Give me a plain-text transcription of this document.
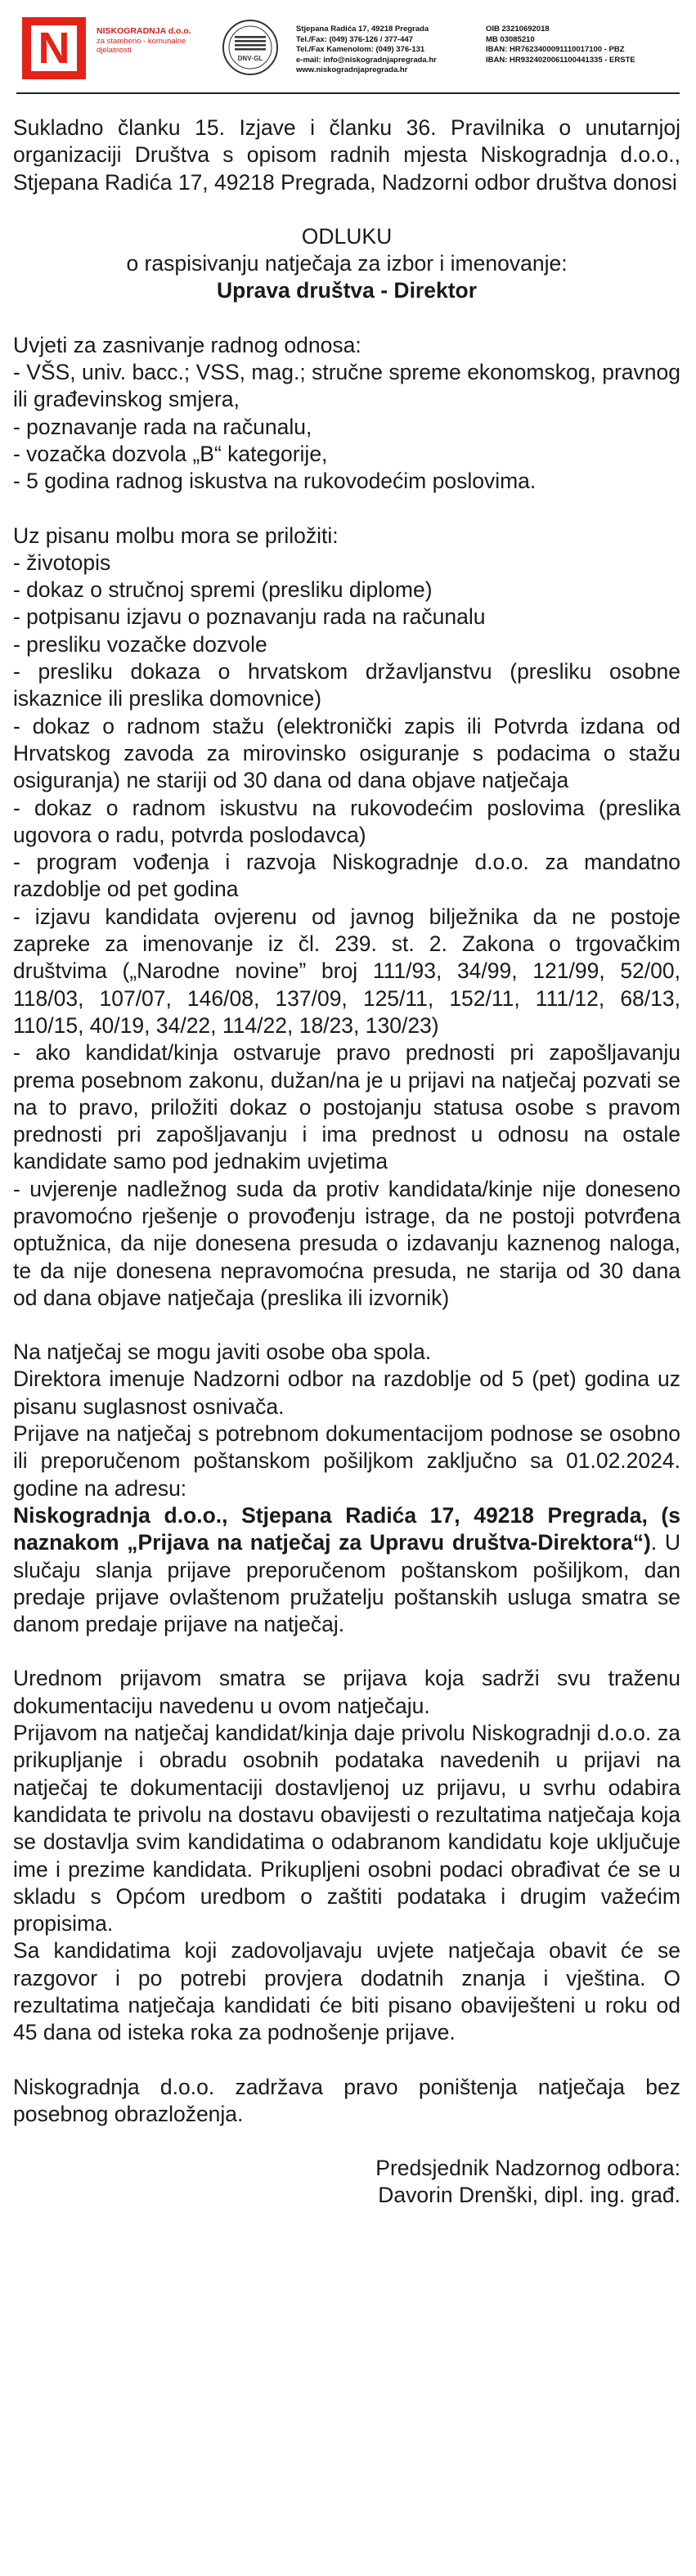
N	NISKOGRADNJA d.o.o.
za stambeno - komunalne
djelatnosti
DNV·GL
Stjepana Radića 17, 49218 Pregrada
Tel./Fax: (049) 376-126 / 377-447
Tel./Fax Kamenolom: (049) 376-131
e-mail: info@niskogradnjapregrada.hr
www.niskogradnjapregrada.hr
OIB 23210692018
MB 03085210
IBAN: HR7623400091110017100 - PBZ
IBAN: HR9324020061100441335 - ERSTE

Sukladno članku 15. Izjave i članku 36. Pravilnika o unutarnjoj organizaciji Društva s opisom radnih mjesta Niskogradnja d.o.o., Stjepana Radića 17, 49218 Pregrada, Nadzorni odbor društva donosi

ODLUKU

o raspisivanju natječaja za izbor i imenovanje:

Uprava društva - Direktor

Uvjeti za zasnivanje radnog odnosa:

- VŠS, univ. bacc.; VSS, mag.; stručne spreme ekonomskog, pravnog ili građevinskog smjera,

- poznavanje rada na računalu,

- vozačka dozvola „B“ kategorije,

- 5 godina radnog iskustva na rukovodećim poslovima.

Uz pisanu molbu mora se priložiti:

- životopis

- dokaz o stručnoj spremi (presliku diplome)

- potpisanu izjavu o poznavanju rada na računalu

- presliku vozačke dozvole

- presliku dokaza o hrvatskom državljanstvu (presliku osobne iskaznice ili preslika domovnice)

- dokaz o radnom stažu (elektronički zapis ili Potvrda izdana od Hrvatskog zavoda za mirovinsko osiguranje s podacima o stažu osiguranja) ne stariji od 30 dana od dana objave natječaja

- dokaz o radnom iskustvu na rukovodećim poslovima (preslika ugovora o radu, potvrda poslodavca)

- program vođenja i razvoja Niskogradnje d.o.o. za mandatno razdoblje od pet godina

- izjavu kandidata ovjerenu od javnog bilježnika da ne postoje zapreke za imenovanje iz čl. 239. st. 2. Zakona o trgovačkim društvima („Narodne novine” broj 111/93, 34/99, 121/99, 52/00, 118/03, 107/07, 146/08, 137/09, 125/11, 152/11, 111/12, 68/13, 110/15, 40/19, 34/22, 114/22, 18/23, 130/23)

- ako kandidat/kinja ostvaruje pravo prednosti pri zapošljavanju prema posebnom zakonu, dužan/na je u prijavi na natječaj pozvati se na to pravo, priložiti dokaz o postojanju statusa osobe s pravom prednosti pri zapošljavanju i ima prednost u odnosu na ostale kandidate samo pod jednakim uvjetima

- uvjerenje nadležnog suda da protiv kandidata/kinje nije doneseno pravomoćno rješenje o provođenju istrage, da ne postoji potvrđena optužnica, da nije donesena presuda o izdavanju kaznenog naloga, te da nije donesena nepravomoćna presuda, ne starija od 30 dana od dana objave natječaja (preslika ili izvornik)

Na natječaj se mogu javiti osobe oba spola.

Direktora imenuje Nadzorni odbor na razdoblje od 5 (pet) godina uz pisanu suglasnost osnivača.

Prijave na natječaj s potrebnom dokumentacijom podnose se osobno ili preporučenom poštanskom pošiljkom zaključno sa 01.02.2024. godine na adresu:

Niskogradnja d.o.o., Stjepana Radića 17, 49218 Pregrada, (s naznakom „Prijava na natječaj za Upravu društva-Direktora“). U slučaju slanja prijave preporučenom poštanskom pošiljkom, dan predaje prijave ovlaštenom pružatelju poštanskih usluga smatra se danom predaje prijave na natječaj.

Urednom prijavom smatra se prijava koja sadrži svu traženu dokumentaciju navedenu u ovom natječaju.

Prijavom na natječaj kandidat/kinja daje privolu Niskogradnji d.o.o. za prikupljanje i obradu osobnih podataka navedenih u prijavi na natječaj te dokumentaciji dostavljenoj uz prijavu, u svrhu odabira kandidata te privolu na dostavu obavijesti o rezultatima natječaja koja se dostavlja svim kandidatima o odabranom kandidatu koje uključuje ime i prezime kandidata. Prikupljeni osobni podaci obrađivat će se u skladu s Općom uredbom o zaštiti podataka i drugim važećim propisima.

Sa kandidatima koji zadovoljavaju uvjete natječaja obavit će se razgovor i po potrebi provjera dodatnih znanja i vještina. O rezultatima natječaja kandidati će biti pisano obaviješteni u roku od 45 dana od isteka roka za podnošenje prijave.

Niskogradnja d.o.o. zadržava pravo poništenja natječaja bez posebnog obrazloženja.

Predsjednik Nadzornog odbora:

Davorin Drenški, dipl. ing. građ.
